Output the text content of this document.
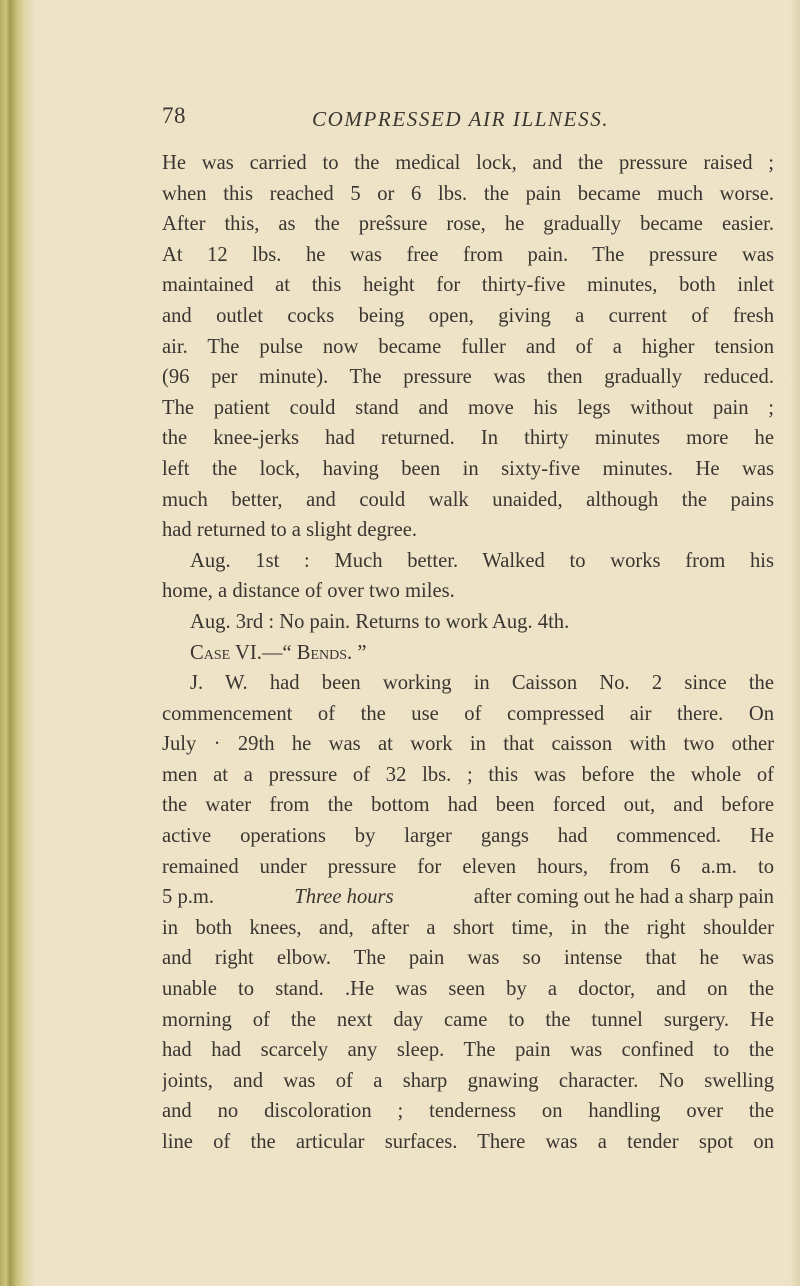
78	COMPRESSED AIR ILLNESS.
He was carried to the medical lock, and the pressure raised ;
when this reached 5 or 6 lbs. the pain became much worse.
After this, as the preŝsure rose, he gradually became easier.
At 12 lbs. he was free from pain. The pressure was
maintained at this height for thirty-five minutes, both inlet
and outlet cocks being open, giving a current of fresh
air. The pulse now became fuller and of a higher tension
(96 per minute). The pressure was then gradually reduced.
The patient could stand and move his legs without pain ;
the knee-jerks had returned. In thirty minutes more he
left the lock, having been in sixty-five minutes. He was
much better, and could walk unaided, although the pains
had returned to a slight degree.
Aug. 1st : Much better. Walked to works from his
home, a distance of over two miles.
Aug. 3rd : No pain. Returns to work Aug. 4th.
Case VI.—“ Bends. ”
J. W. had been working in Caisson No. 2 since the
commencement of the use of compressed air there. On
July · 29th he was at work in that caisson with two other
men at a pressure of 32 lbs. ; this was before the whole of
the water from the bottom had been forced out, and before
active operations by larger gangs had commenced. He
remained under pressure for eleven hours, from 6 a.m. to
5 p.m.	Three hours	after coming out he had a sharp pain
in both knees, and, after a short time, in the right shoulder
and right elbow. The pain was so intense that he was
unable to stand. .He was seen by a doctor, and on the
morning of the next day came to the tunnel surgery. He
had had scarcely any sleep. The pain was confined to the
joints, and was of a sharp gnawing character. No swelling
and no discoloration ; tenderness on handling over the
line of the articular surfaces. There was a tender spot on
